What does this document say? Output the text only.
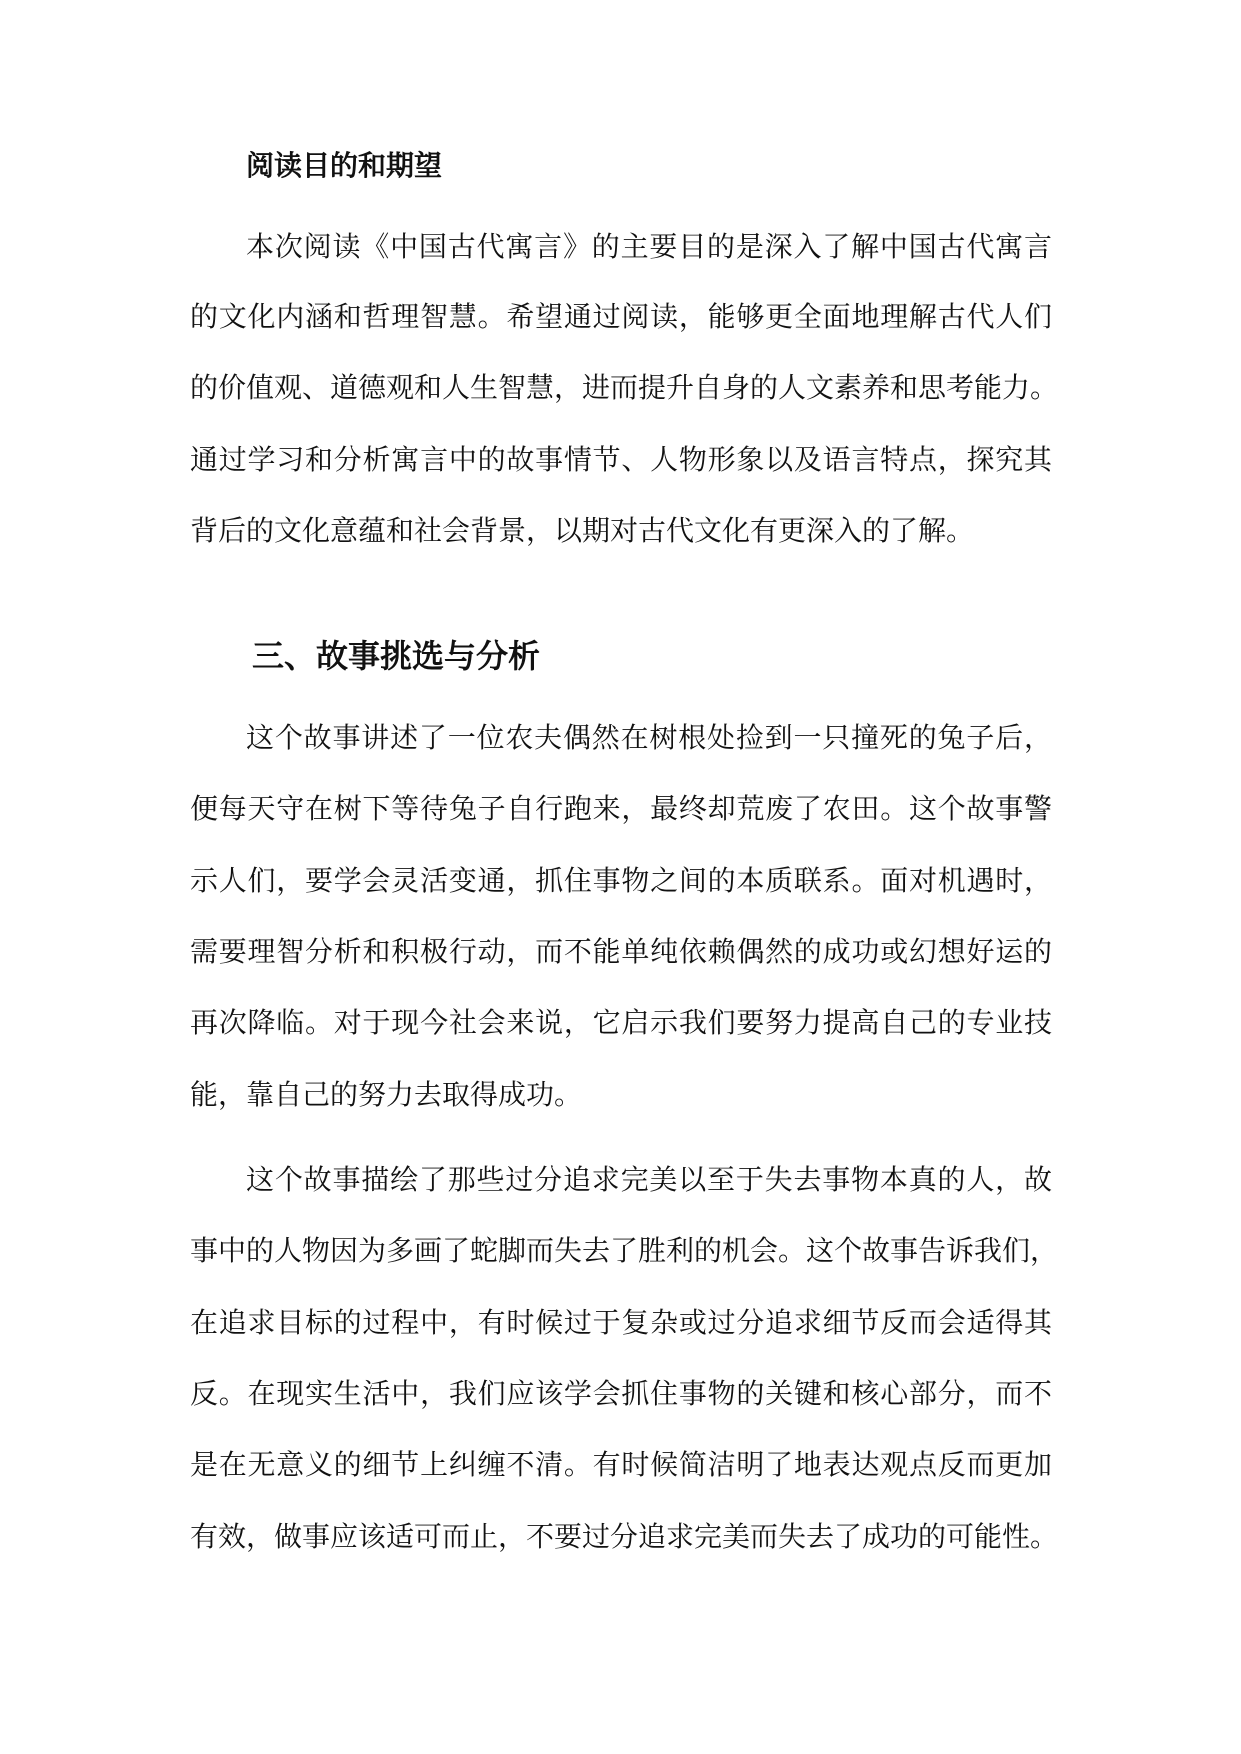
阅读目的和期望
本次阅读《中国古代寓言》的主要目的是深入了解中国古代寓言
的文化内涵和哲理智慧。希望通过阅读，能够更全面地理解古代人们
的价值观、道德观和人生智慧，进而提升自身的人文素养和思考能力。
通过学习和分析寓言中的故事情节、人物形象以及语言特点，探究其
背后的文化意蕴和社会背景，以期对古代文化有更深入的了解。
三、故事挑选与分析
这个故事讲述了一位农夫偶然在树根处捡到一只撞死的兔子后，
便每天守在树下等待兔子自行跑来，最终却荒废了农田。这个故事警
示人们，要学会灵活变通，抓住事物之间的本质联系。面对机遇时，
需要理智分析和积极行动，而不能单纯依赖偶然的成功或幻想好运的
再次降临。对于现今社会来说，它启示我们要努力提高自己的专业技
能，靠自己的努力去取得成功。
这个故事描绘了那些过分追求完美以至于失去事物本真的人，故
事中的人物因为多画了蛇脚而失去了胜利的机会。这个故事告诉我们，
在追求目标的过程中，有时候过于复杂或过分追求细节反而会适得其
反。在现实生活中，我们应该学会抓住事物的关键和核心部分，而不
是在无意义的细节上纠缠不清。有时候简洁明了地表达观点反而更加
有效，做事应该适可而止，不要过分追求完美而失去了成功的可能性。
